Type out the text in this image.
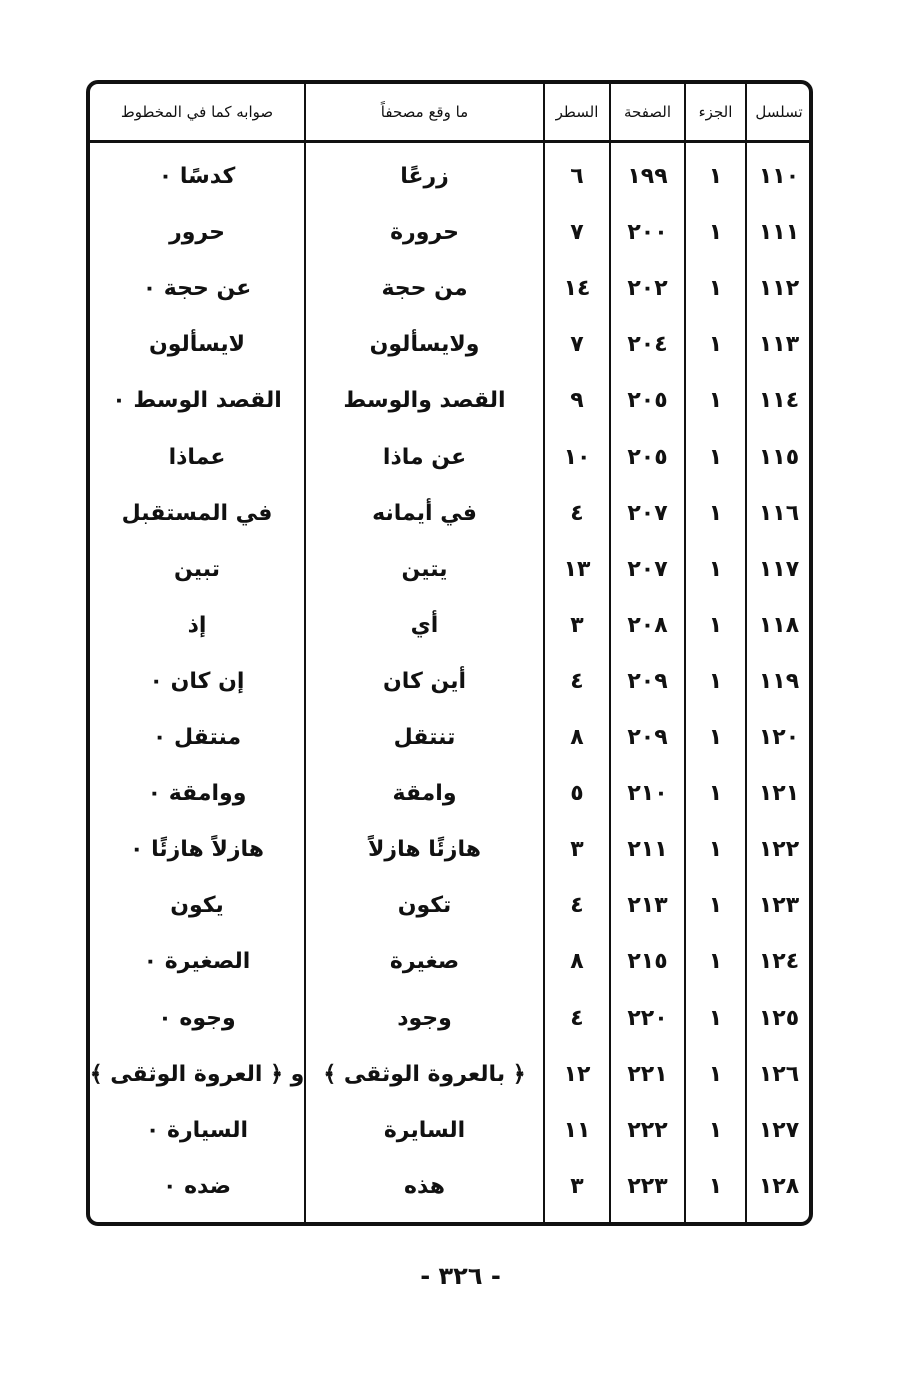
تسلسل
الجزء
الصفحة
السطر
ما وقع مصحفاً
صوابه كما في المخطوط
١١٠
١
١٩٩
٦
زرعًا
كدسًا ٠
١١١
١
٢٠٠
٧
حرورة
حرور
١١٢
١
٢٠٢
١٤
من حجة
عن حجة ٠
١١٣
١
٢٠٤
٧
ولايسألون
لايسألون
١١٤
١
٢٠٥
٩
القصد والوسط
القصد الوسط ٠
١١٥
١
٢٠٥
١٠
عن ماذا
عماذا
١١٦
١
٢٠٧
٤
في أيمانه
في المستقبل
١١٧
١
٢٠٧
١٣
يتين
تبين
١١٨
١
٢٠٨
٣
أي
إذ
١١٩
١
٢٠٩
٤
أين كان
إن كان ٠
١٢٠
١
٢٠٩
٨
تنتقل
منتقل ٠
١٢١
١
٢١٠
٥
وامقة
ووامقة ٠
١٢٢
١
٢١١
٣
هازئًا هازلاً
هازلاً هازئًا ٠
١٢٣
١
٢١٣
٤
تكون
يكون
١٢٤
١
٢١٥
٨
صغيرة
الصغيرة ٠
١٢٥
١
٢٢٠
٤
وجود
وجوه ٠
١٢٦
١
٢٢١
١٢
﴿ بالعروة الوثقى ﴾
و ﴿ العروة الوثقى ﴾
١٢٧
١
٢٢٢
١١
السايرة
السيارة ٠
١٢٨
١
٢٢٣
٣
هذه
ضده ٠
- ٣٢٦ -
